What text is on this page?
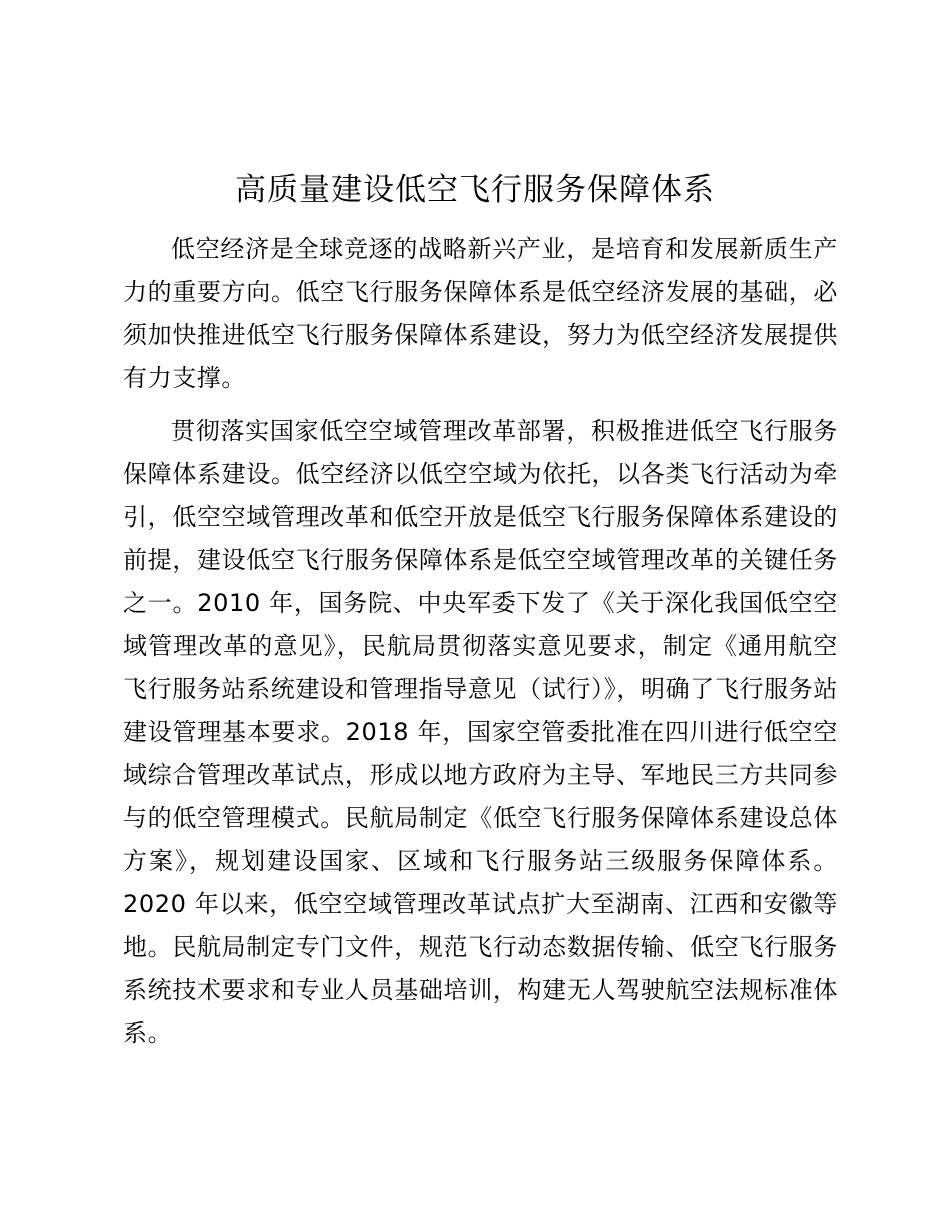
高质量建设低空飞行服务保障体系

低空经济是全球竞逐的战略新兴产业，是培育和发展新质生产力的重要方向。低空飞行服务保障体系是低空经济发展的基础，必须加快推进低空飞行服务保障体系建设，努力为低空经济发展提供有力支撑。

贯彻落实国家低空空域管理改革部署，积极推进低空飞行服务保障体系建设。低空经济以低空空域为依托，以各类飞行活动为牵引，低空空域管理改革和低空开放是低空飞行服务保障体系建设的前提，建设低空飞行服务保障体系是低空空域管理改革的关键任务之一。2010 年，国务院、中央军委下发了《关于深化我国低空空域管理改革的意见》，民航局贯彻落实意见要求，制定《通用航空飞行服务站系统建设和管理指导意见（试行）》，明确了飞行服务站建设管理基本要求。2018 年，国家空管委批准在四川进行低空空域综合管理改革试点，形成以地方政府为主导、军地民三方共同参与的低空管理模式。民航局制定《低空飞行服务保障体系建设总体方案》，规划建设国家、区域和飞行服务站三级服务保障体系。2020 年以来，低空空域管理改革试点扩大至湖南、江西和安徽等地。民航局制定专门文件，规范飞行动态数据传输、低空飞行服务系统技术要求和专业人员基础培训，构建无人驾驶航空法规标准体系。
